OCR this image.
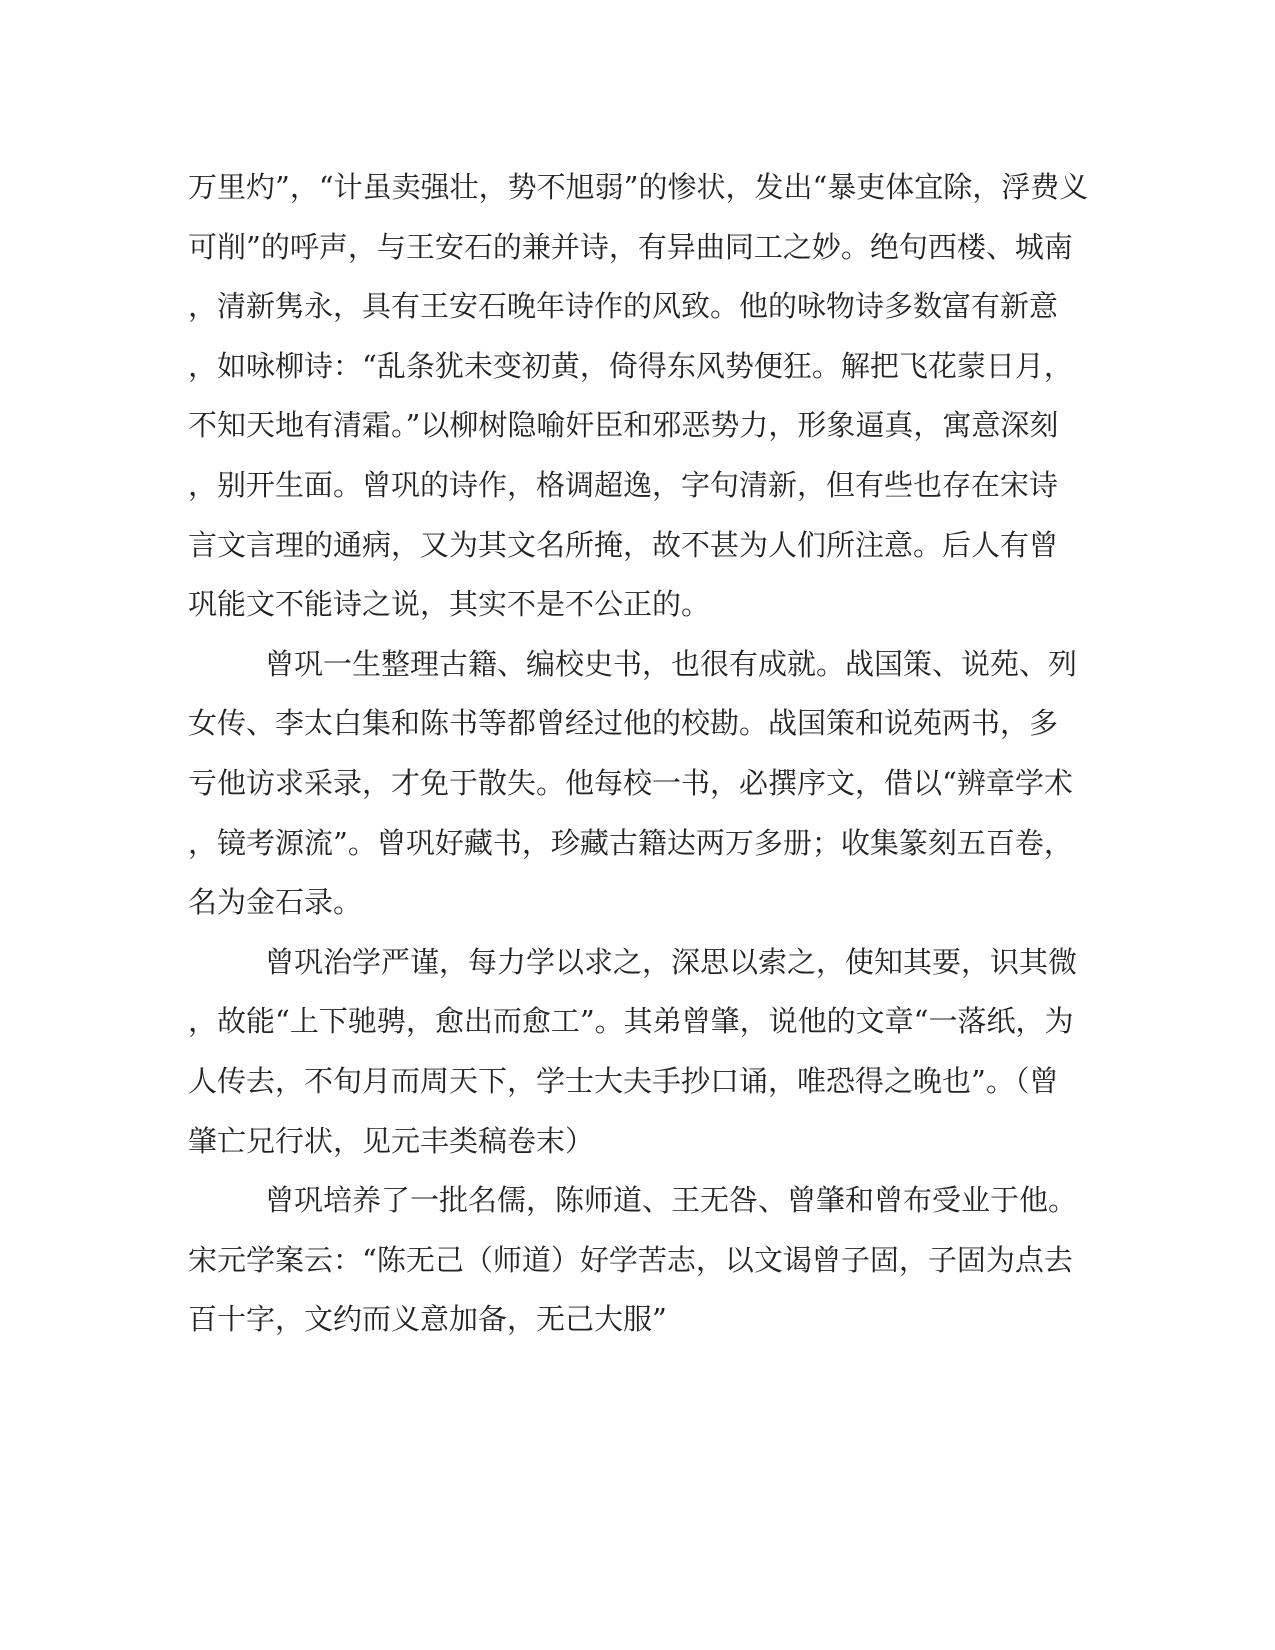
万里灼”，“计虽卖强壮，势不旭弱”的惨状，发出“暴吏体宜除，浮费义
可削”的呼声，与王安石的兼并诗，有异曲同工之妙。绝句西楼、城南
，清新隽永，具有王安石晚年诗作的风致。他的咏物诗多数富有新意
，如咏柳诗：“乱条犹未变初黄，倚得东风势便狂。解把飞花蒙日月，
不知天地有清霜。”以柳树隐喻奸臣和邪恶势力，形象逼真，寓意深刻
，别开生面。曾巩的诗作，格调超逸，字句清新，但有些也存在宋诗
言文言理的通病，又为其文名所掩，故不甚为人们所注意。后人有曾
巩能文不能诗之说，其实不是不公正的。
曾巩一生整理古籍、编校史书，也很有成就。战国策、说苑、列
女传、李太白集和陈书等都曾经过他的校勘。战国策和说苑两书，多
亏他访求采录，才免于散失。他每校一书，必撰序文，借以“辨章学术
，镜考源流”。曾巩好藏书，珍藏古籍达两万多册；收集篆刻五百卷，
名为金石录。
曾巩治学严谨，每力学以求之，深思以索之，使知其要，识其微
，故能“上下驰骋，愈出而愈工”。其弟曾肇，说他的文章“一落纸，为
人传去，不旬月而周天下，学士大夫手抄口诵，唯恐得之晚也”。（曾
肇亡兄行状，见元丰类稿卷末）
曾巩培养了一批名儒，陈师道、王无咎、曾肇和曾布受业于他。
宋元学案云：“陈无己（师道）好学苦志，以文谒曾子固，子固为点去
百十字，文约而义意加备，无己大服”
